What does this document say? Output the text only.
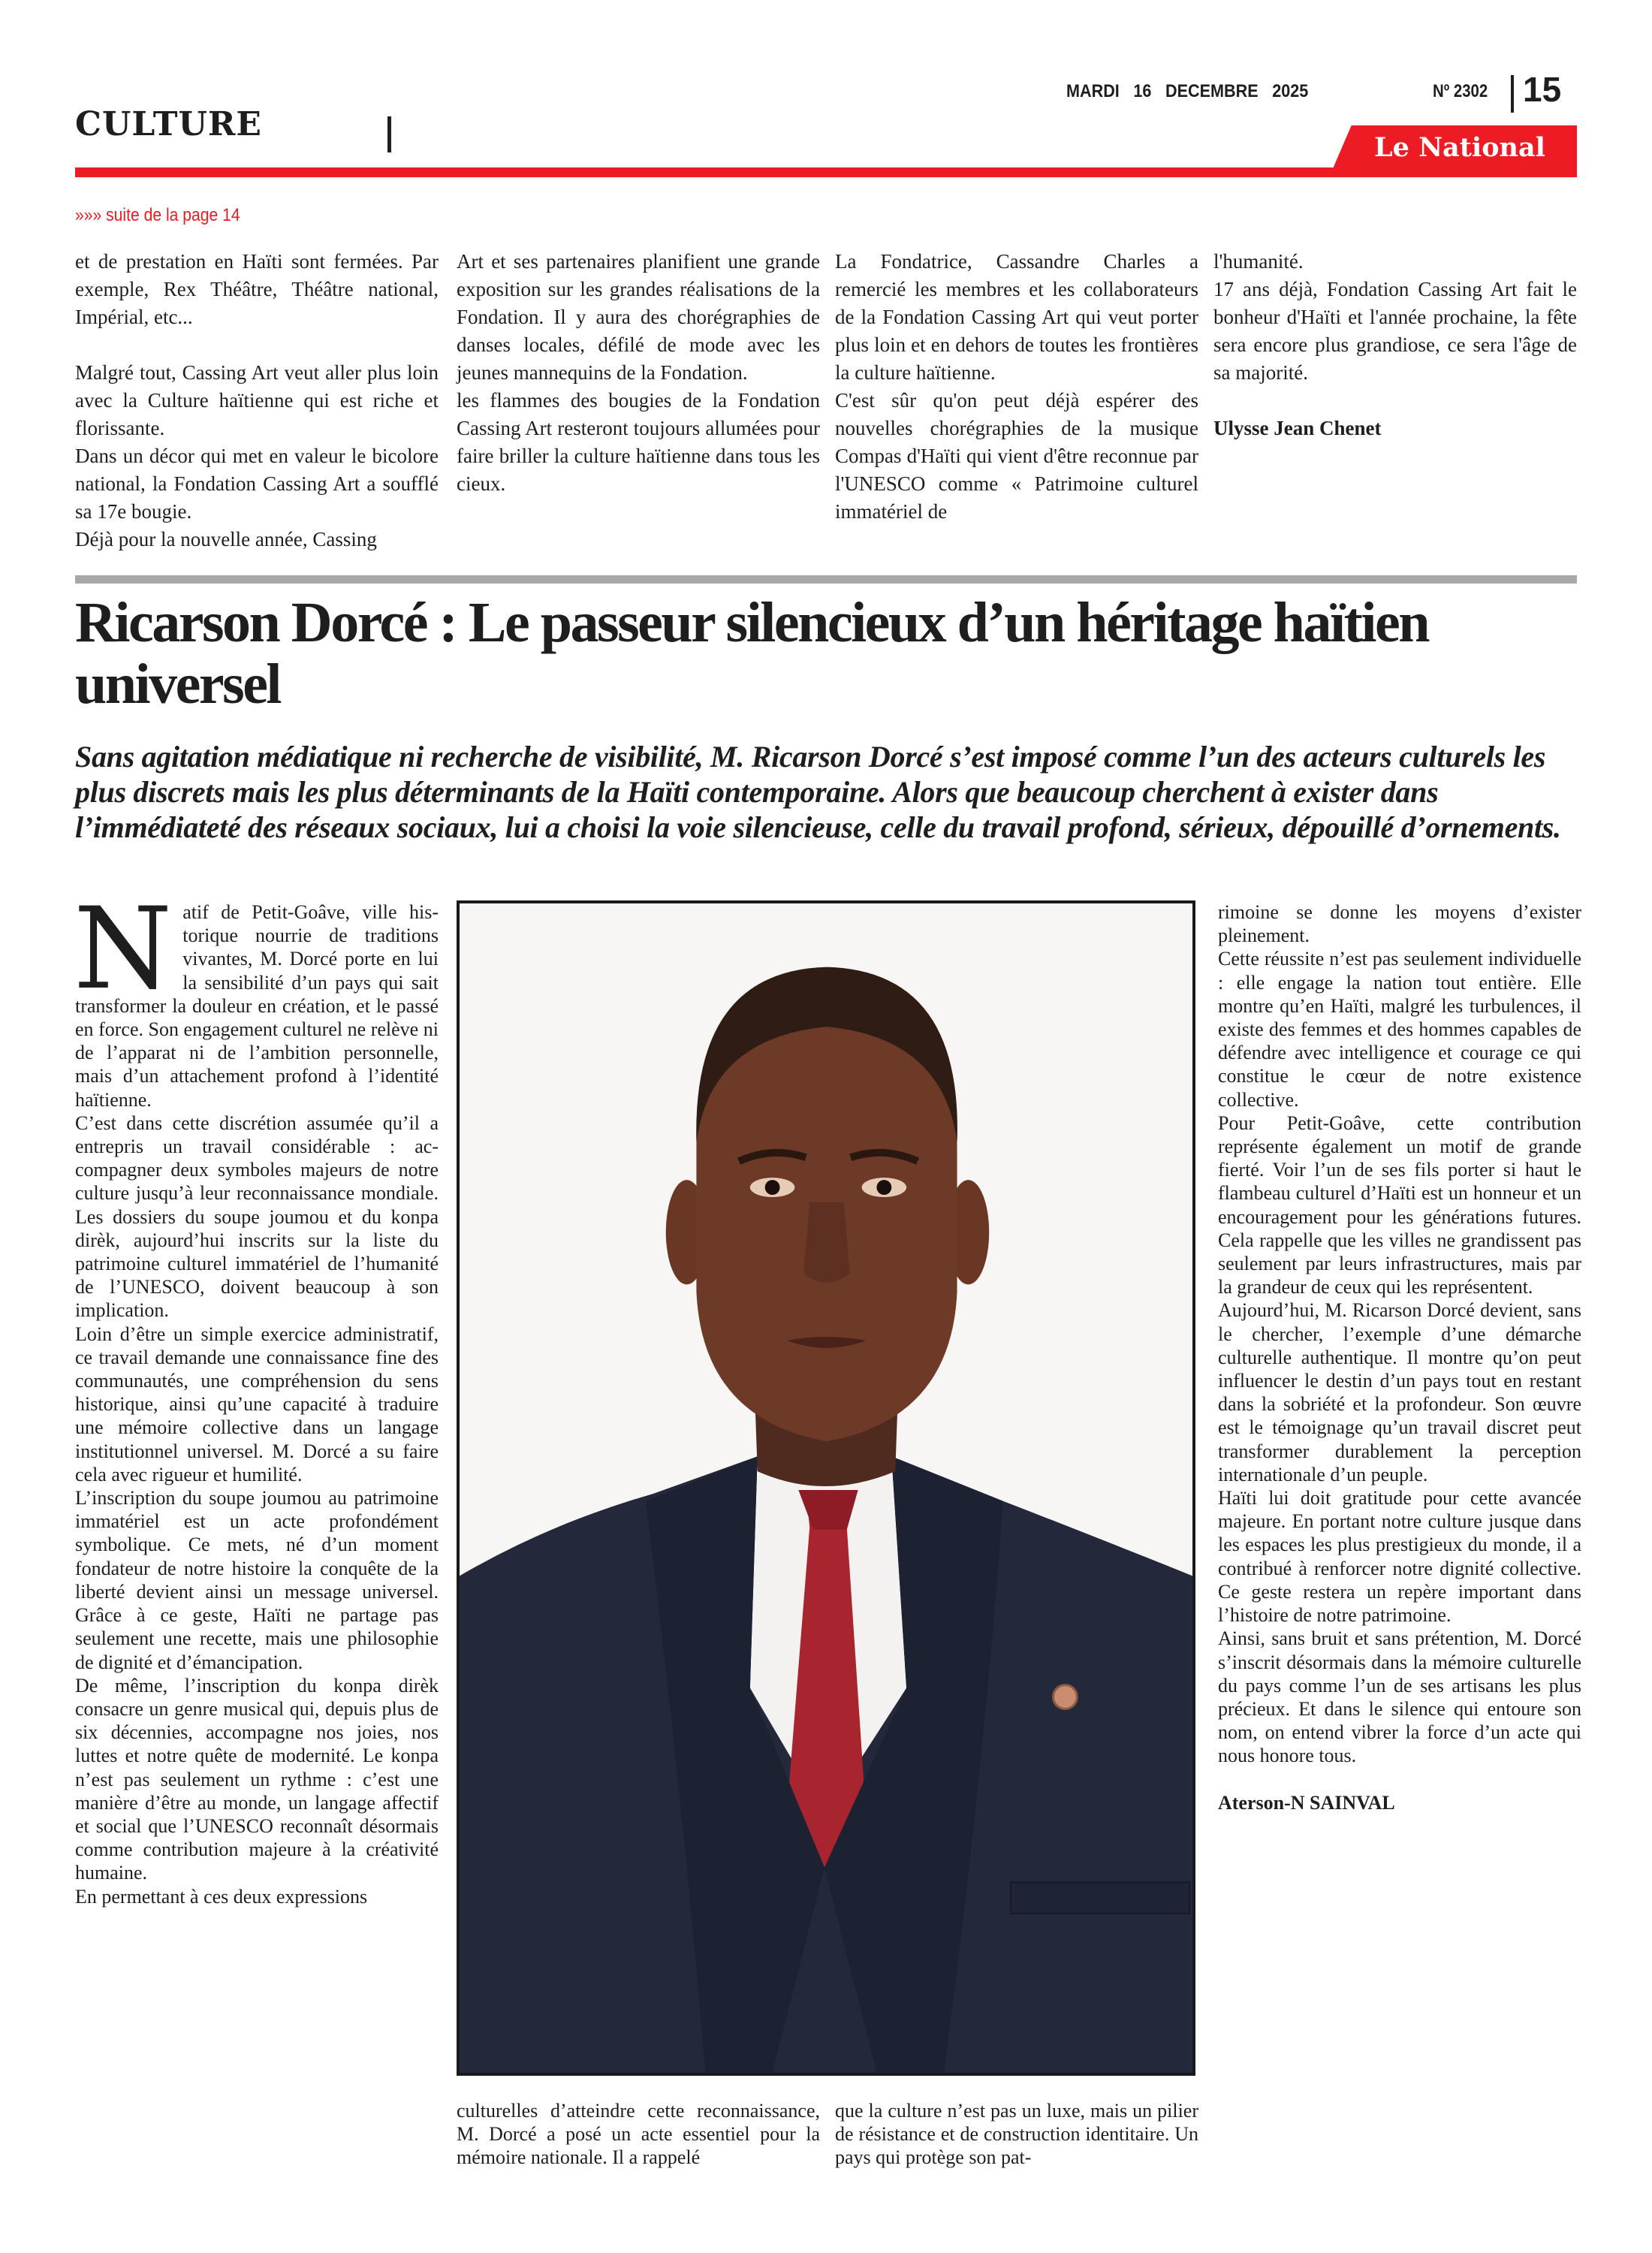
CULTURE
MARDI 16 DECEMBRE 2025	Nº 2302 15
Le National
»»» suite de la page 14

et de prestation en Haïti sont fermées. Par exemple, Rex Théâtre, Théâtre national, Impérial, etc...

Malgré tout, Cassing Art veut aller plus loin avec la Culture haïtienne qui est riche et florissante.

Dans un décor qui met en valeur le bicolore national, la Fondation Cassing Art a soufflé sa 17e bougie.

Déjà pour la nouvelle année, Cassing

Art et ses partenaires planifient une grande exposition sur les grandes réalisations de la Fondation. Il y aura des chorégraphies de danses locales, défilé de mode avec les jeunes mannequins de la Fondation.

les flammes des bougies de la Fondation Cassing Art resteront toujours allumées pour faire briller la culture haïtienne dans tous les cieux.

La Fondatrice, Cassandre Charles a remercié les membres et les collaborateurs de la Fondation Cassing Art qui veut porter plus loin et en dehors de toutes les frontières la culture haïtienne.

C'est sûr qu'on peut déjà espérer des nouvelles chorégraphies de la musique Compas d'Haïti qui vient d'être reconnue par l'UNESCO comme « Patrimoine culturel immatériel de

l'humanité.

17 ans déjà, Fondation Cassing Art fait le bonheur d'Haïti et l'année prochaine, la fête sera encore plus grandiose, ce sera l'âge de sa majorité.

Ulysse Jean Chenet

Ricarson Dorcé : Le passeur silencieux d’un héritage haïtien universel
Sans agitation médiatique ni recherche de visibilité, M. Ricarson Dorcé s’est imposé comme l’un des acteurs culturels les plus discrets mais les plus déterminants de la Haïti contemporaine. Alors que beaucoup cherchent à exister dans l’immédiateté des réseaux sociaux, lui a choisi la voie silencieuse, celle du travail profond, sérieux, dépouillé d’ornements.
N atif de Petit-Goâve, ville historique nourrie de traditions vivantes, M. Dorcé porte en lui la sensibilité d’un pays qui sait transformer la douleur en création, et le passé en force. Son engagement culturel ne relève ni de l’apparat ni de l’ambition personnelle, mais d’un attachement profond à l’identité haïtienne.

C’est dans cette discrétion assumée qu’il a entrepris un travail considérable : accompagner deux symboles majeurs de notre culture jusqu’à leur reconnaissance mondiale. Les dossiers du soupe joumou et du konpa dirèk, aujourd’hui inscrits sur la liste du patrimoine culturel immatériel de l’humanité de l’UNESCO, doivent beaucoup à son implication.

Loin d’être un simple exercice administratif, ce travail demande une connaissance fine des communautés, une compréhension du sens historique, ainsi qu’une capacité à traduire une mémoire collective dans un langage institutionnel universel. M. Dorcé a su faire cela avec rigueur et humilité.

L’inscription du soupe joumou au patrimoine immatériel est un acte profondément symbolique. Ce mets, né d’un moment fondateur de notre histoire la conquête de la liberté devient ainsi un message universel. Grâce à ce geste, Haïti ne partage pas seulement une recette, mais une philosophie de dignité et d’émancipation.

De même, l’inscription du konpa dirèk consacre un genre musical qui, depuis plus de six décennies, accompagne nos joies, nos luttes et notre quête de modernité. Le konpa n’est pas seulement un rythme : c’est une manière d’être au monde, un langage affectif et social que l’UNESCO reconnaît désormais comme contribution majeure à la créativité humaine.

En permettant à ces deux expressions

culturelles d’atteindre cette reconnaissance, M. Dorcé a posé un acte essentiel pour la mémoire nationale. Il a rappelé

que la culture n’est pas un luxe, mais un pilier de résistance et de construction identitaire. Un pays qui protège son pat-

rimoine se donne les moyens d’exister pleinement.

Cette réussite n’est pas seulement individuelle : elle engage la nation tout entière. Elle montre qu’en Haïti, malgré les turbulences, il existe des femmes et des hommes capables de défendre avec intelligence et courage ce qui constitue le cœur de notre existence collective.

Pour Petit-Goâve, cette contribution représente également un motif de grande fierté. Voir l’un de ses fils porter si haut le flambeau culturel d’Haïti est un honneur et un encouragement pour les générations futures. Cela rappelle que les villes ne grandissent pas seulement par leurs infrastructures, mais par la grandeur de ceux qui les représentent.

Aujourd’hui, M. Ricarson Dorcé devient, sans le chercher, l’exemple d’une démarche culturelle authentique. Il montre qu’on peut influencer le destin d’un pays tout en restant dans la sobriété et la profondeur. Son œuvre est le témoignage qu’un travail discret peut transformer durablement la perception internationale d’un peuple.

Haïti lui doit gratitude pour cette avancée majeure. En portant notre culture jusque dans les espaces les plus prestigieux du monde, il a contribué à renforcer notre dignité collective. Ce geste restera un repère important dans l’histoire de notre patrimoine.

Ainsi, sans bruit et sans prétention, M. Dorcé s’inscrit désormais dans la mémoire culturelle du pays comme l’un de ses artisans les plus précieux. Et dans le silence qui entoure son nom, on entend vibrer la force d’un acte qui nous honore tous.

Aterson-N SAINVAL
